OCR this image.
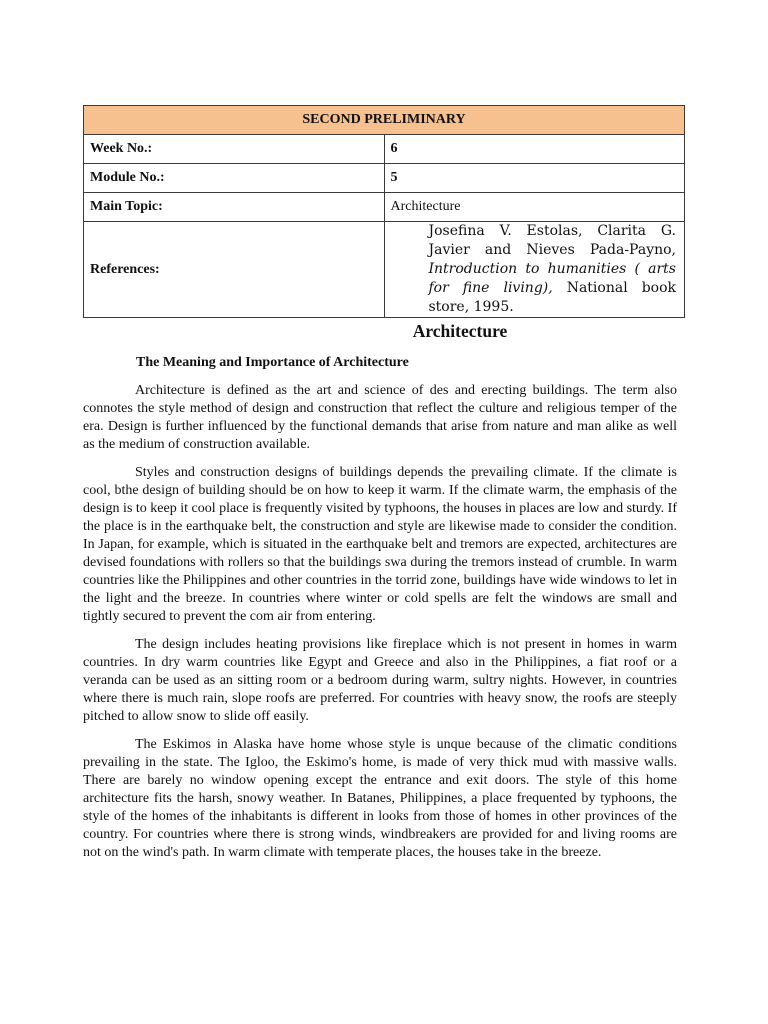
SECOND PRELIMINARY	
Week No.:	6
Module No.:	5
Main Topic:	Architecture
References:	Josefina V. Estolas, Clarita G. Javier and Nieves Pada-Payno, Introduction to humanities ( arts for fine living), National book store, 1995.
Architecture
The Meaning and Importance of Architecture

Architecture is defined as the art and science of des and erecting buildings. The term also connotes the style method of design and construction that reflect the culture and religious temper of the era. Design is further influenced by the functional demands that arise from nature and man alike as well as the medium of construction available.

Styles and construction designs of buildings depends the prevailing climate. If the climate is cool, bthe design of building should be on how to keep it warm. If the climate warm, the emphasis of the design is to keep it cool place is frequently visited by typhoons, the houses in places are low and sturdy. If the place is in the earthquake belt, the construction and style are likewise made to consider the condition. In Japan, for example, which is situated in the earthquake belt and tremors are expected, architectures are devised foundations with rollers so that the buildings swa during the tremors instead of crumble. In warm countries like the Philippines and other countries in the torrid zone, buildings have wide windows to let in the light and the breeze. In countries where winter or cold spells are felt the windows are small and tightly secured to prevent the com air from entering.

The design includes heating provisions like fireplace which is not present in homes in warm countries. In dry warm countries like Egypt and Greece and also in the Philippines, a fiat roof or a veranda can be used as an sitting room or a bedroom during warm, sultry nights. However, in countries where there is much rain, slope roofs are preferred. For countries with heavy snow, the roofs are steeply pitched to allow snow to slide off easily.

The Eskimos in Alaska have home whose style is unque because of the climatic conditions prevailing in the state. The Igloo, the Eskimo's home, is made of very thick mud with massive walls. There are barely no window opening except the entrance and exit doors. The style of this home architecture fits the harsh, snowy weather. In Batanes, Philippines, a place frequented by typhoons, the style of the homes of the inhabitants is different in looks from those of homes in other provinces of the country. For countries where there is strong winds, windbreakers are provided for and living rooms are not on the wind's path. In warm climate with temperate places, the houses take in the breeze.
